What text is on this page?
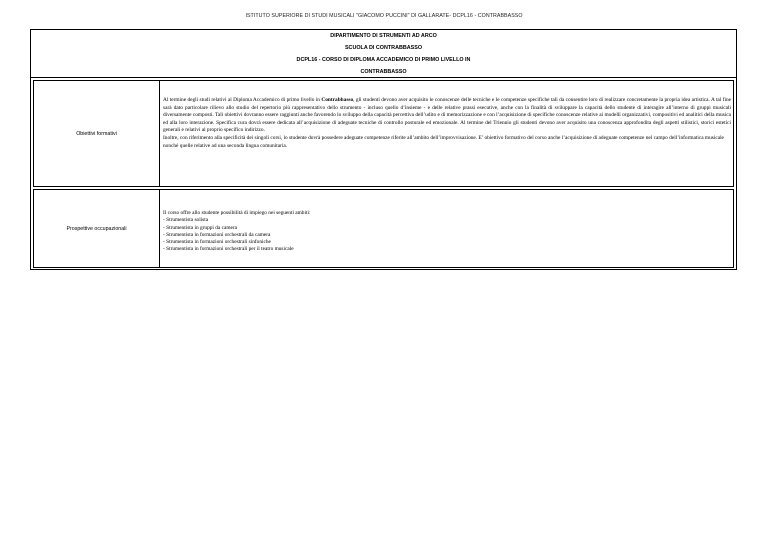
ISTITUTO SUPERIORE DI STUDI MUSICALI "GIACOMO PUCCINI" DI GALLARATE- DCPL16 - CONTRABBASSO
DIPARTIMENTO DI STRUMENTI AD ARCO
SCUOLA DI CONTRABBASSO
DCPL16 - CORSO DI DIPLOMA ACCADEMICO DI PRIMO LIVELLO IN
CONTRABBASSO
Obiettivi formativi

Al termine degli studi relativi al Diploma Accademico di primo livello in Contrabbasso, gli studenti devono aver acquisito le conoscenze delle tecniche e le competenze specifiche tali da consentire loro di realizzare concretamente la propria idea artistica. A tal fine sarà dato particolare rilievo allo studio del repertorio più rappresentativo dello strumento - incluso quello d’insieme - e delle relative prassi esecutive, anche con la finalità di sviluppare la capacità dello studente di interagire all’interno di gruppi musicali diversamente composti. Tali obiettivi dovranno essere raggiunti anche favorendo lo sviluppo della capacità percettiva dell’udito e di memorizzazione e con l’acquisizione di specifiche conoscenze relative ai modelli organizzativi, compositivi ed analitici della musica ed alla loro interazione. Specifica cura dovrà essere dedicata all’acquisizione di adeguate tecniche di controllo posturale ed emozionale. Al termine del Triennio gli studenti devono aver acquisito una conoscenza approfondita degli aspetti stilistici, storici estetici generali e relativi al proprio specifico indirizzo.

Inoltre, con riferimento alla specificità dei singoli corsi, lo studente dovrà possedere adeguate competenze riferite all’ambito dell’improvvisazione. E’ obiettivo formativo del corso anche l’acquisizione di adeguate competenze nel campo dell’informatica musicale nonché quelle relative ad una seconda lingua comunitaria.

Prospettive occupazionali
Il corso offre allo studente possibilità di impiego nei seguenti ambiti:
- Strumentista solista
- Strumentista in gruppi da camera
- Strumentista in formazioni orchestrali da camera
- Strumentista in formazioni orchestrali sinfoniche
- Strumentista in formazioni orchestrali per il teatro musicale
